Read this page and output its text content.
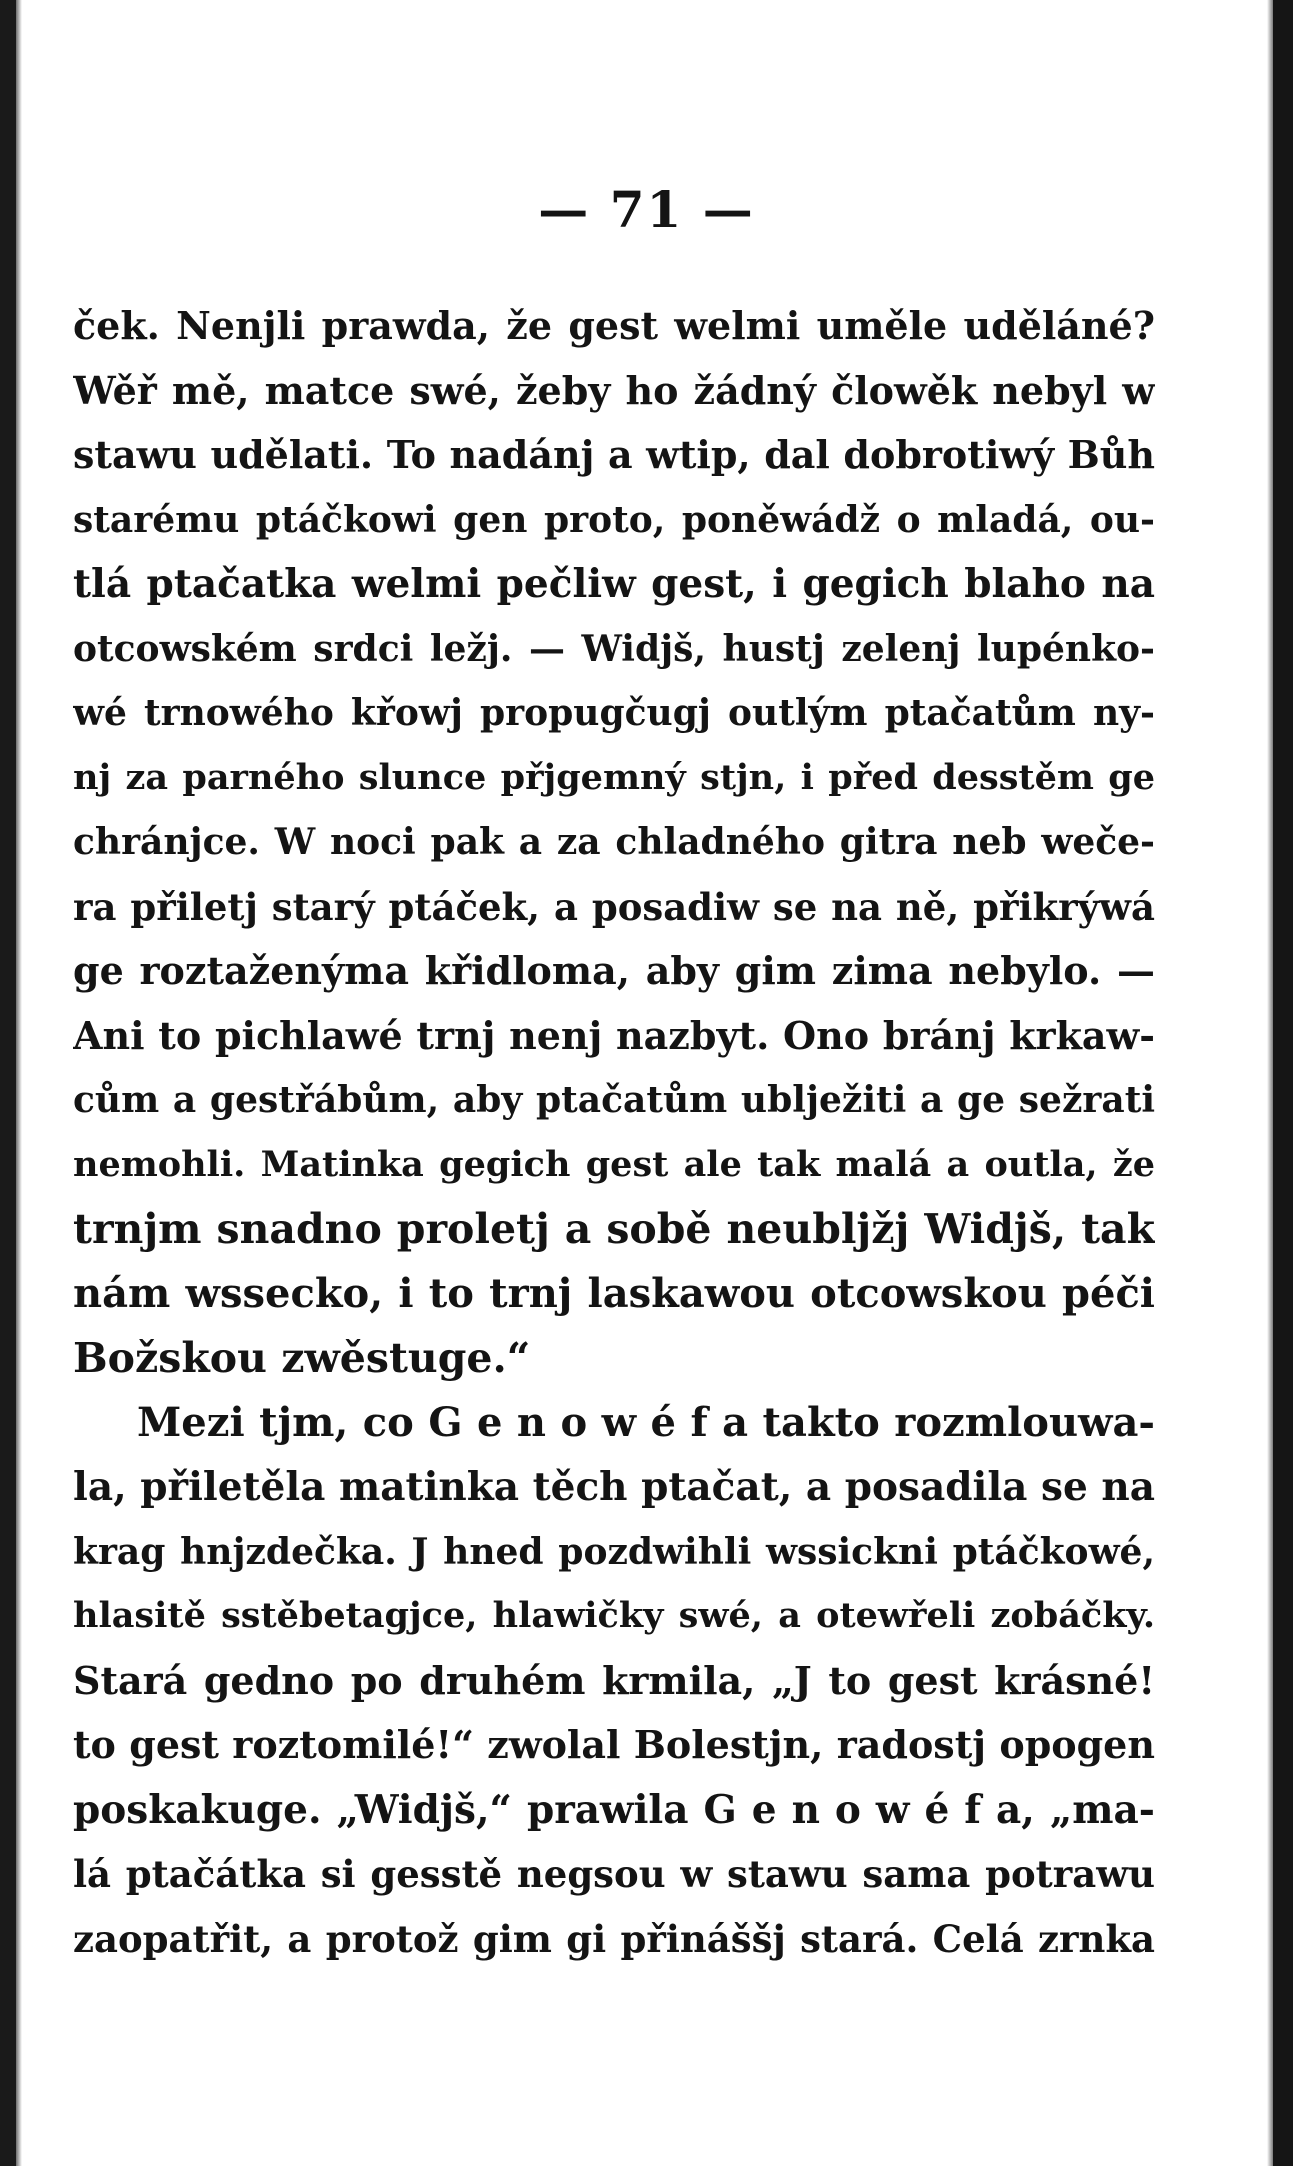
— 71 —
ček. Nenjli prawda, že gest welmi uměle uděláné?
Wěř mě, matce swé, žeby ho žádný člowěk nebyl w
stawu udělati. To nadánj a wtip, dal dobrotiwý Bůh
starému ptáčkowi gen proto, poněwádž o mladá, ou-
tlá ptačatka welmi pečliw gest, i gegich blaho na
otcowském srdci ležj. — Widjš, hustj zelenj lupénko-
wé trnowého křowj propugčugj outlým ptačatům ny-
nj za parného slunce přjgemný stjn, i před desstěm ge
chránjce. W noci pak a za chladného gitra neb weče-
ra přiletj starý ptáček, a posadiw se na ně, přikrýwá
ge roztaženýma křidloma, aby gim zima nebylo. —
Ani to pichlawé trnj nenj nazbyt. Ono bránj krkaw-
cům a gestřábům, aby ptačatům ublježiti a ge sežrati
nemohli. Matinka gegich gest ale tak malá a outla, že
trnjm snadno proletj a sobě neubljžj Widjš, tak
nám wssecko, i to trnj laskawou otcowskou péči
Božskou zwěstuge.“
Mezi tjm, co G e n o w é f a takto rozmlouwa-
la, přiletěla matinka těch ptačat, a posadila se na
krag hnjzdečka. J hned pozdwihli wssickni ptáčkowé,
hlasitě sstěbetagjce, hlawičky swé, a otewřeli zobáčky.
Stará gedno po druhém krmila, „J to gest krásné!
to gest roztomilé!“ zwolal Bolestjn, radostj opogen
poskakuge. „Widjš,“ prawila G e n o w é f a, „ma-
lá ptačátka si gesstě negsou w stawu sama potrawu
zaopatřit, a protož gim gi přináššj stará. Celá zrnka
